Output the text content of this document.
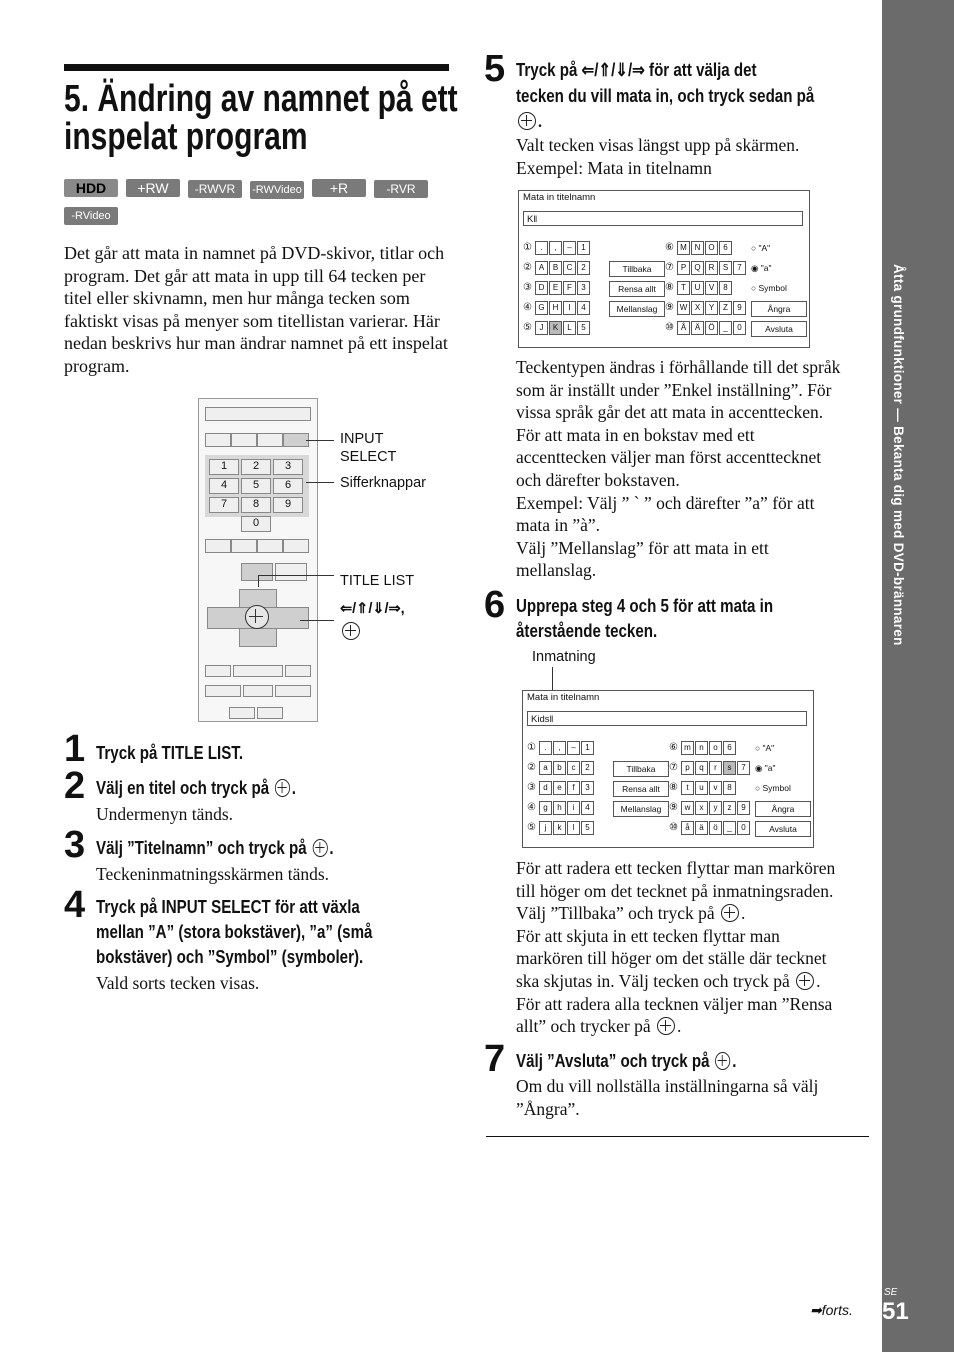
Åtta grundfunktioner — Bekanta dig med DVD-brännaren
5. Ändring av namnet på ett
inspelat program
HDD +RW -RWVR -RWVideo +R	-RVR
-RVideo
Det går att mata in namnet på DVD-skivor, titlar och program. Det går att mata in upp till 64 tecken per titel eller skivnamn, men hur många tecken som faktiskt visas på menyer som titellistan varierar. Här nedan beskrivs hur man ändrar namnet på ett inspelat program.
1	2	3
4	5	6
7	8	9
0
INPUT
SELECT
Sifferknappar
TITLE LIST
⇐/⇑/⇓/⇒,
1 Tryck på TITLE LIST.
2 Välj en titel och tryck på .
Undermenyn tänds.
3 Välj ”Titelnamn” och tryck på .
Teckeninmatningsskärmen tänds.
4 Tryck på INPUT SELECT för att växla
mellan ”A” (stora bokstäver), ”a” (små
bokstäver) och ”Symbol” (symboler).
Vald sorts tecken visas.
5 Tryck på ⇐/⇑/⇓/⇒ för att välja det
tecken du vill mata in, och tryck sedan på
.
Valt tecken visas längst upp på skärmen.
Exempel: Mata in titelnamn
Mata in titelnamn
K‖
①	.	,	–	1
② A	B	C	2
③ D	E	F	3
④ G	H	I	4
⑤ J	K	L	5
⑥ M N O	6
⑦ P	Q	R	S	7
⑧ T	U	V	8
⑨ W X	Y	Z	9
⑩ Å	Ä	Ö	_	0
Tillbaka
Rensa allt
Mellanslag
○ "A"
◉ "a"
○ Symbol
Ångra
Avsluta
Teckentypen ändras i förhållande till det språk
som är inställt under ”Enkel inställning”. För
vissa språk går det att mata in accenttecken.
För att mata in en bokstav med ett
accenttecken väljer man först accenttecknet
och därefter bokstaven.
Exempel: Välj ” ` ” och därefter ”a” för att
mata in ”à”.
Välj ”Mellanslag” för att mata in ett
mellanslag.
6 Upprepa steg 4 och 5 för att mata in
återstående tecken.
Inmatning
Mata in titelnamn
Kids‖
①	.	,	–	1
② a	b	c	2
③ d	e	f	3
④ g	h	i	4
⑤	j	k	l	5
⑥ m	n	o	6
⑦ p	q	r	s	7
⑧	t	u	v	8
⑨ w	x	y	z	9
⑩ å	ä	ö	_	0
Tillbaka
Rensa allt
Mellanslag
○ "A"
◉ "a"
○ Symbol
Ångra
Avsluta
För att radera ett tecken flyttar man markören
till höger om det tecknet på inmatningsraden.
Välj ”Tillbaka” och tryck på .
För att skjuta in ett tecken flyttar man
markören till höger om det ställe där tecknet
ska skjutas in. Välj tecken och tryck på .
För att radera alla tecknen väljer man ”Rensa
allt” och trycker på .
7 Välj ”Avsluta” och tryck på .
Om du vill nollställa inställningarna så välj
”Ångra”.
➡forts.
SE
51
